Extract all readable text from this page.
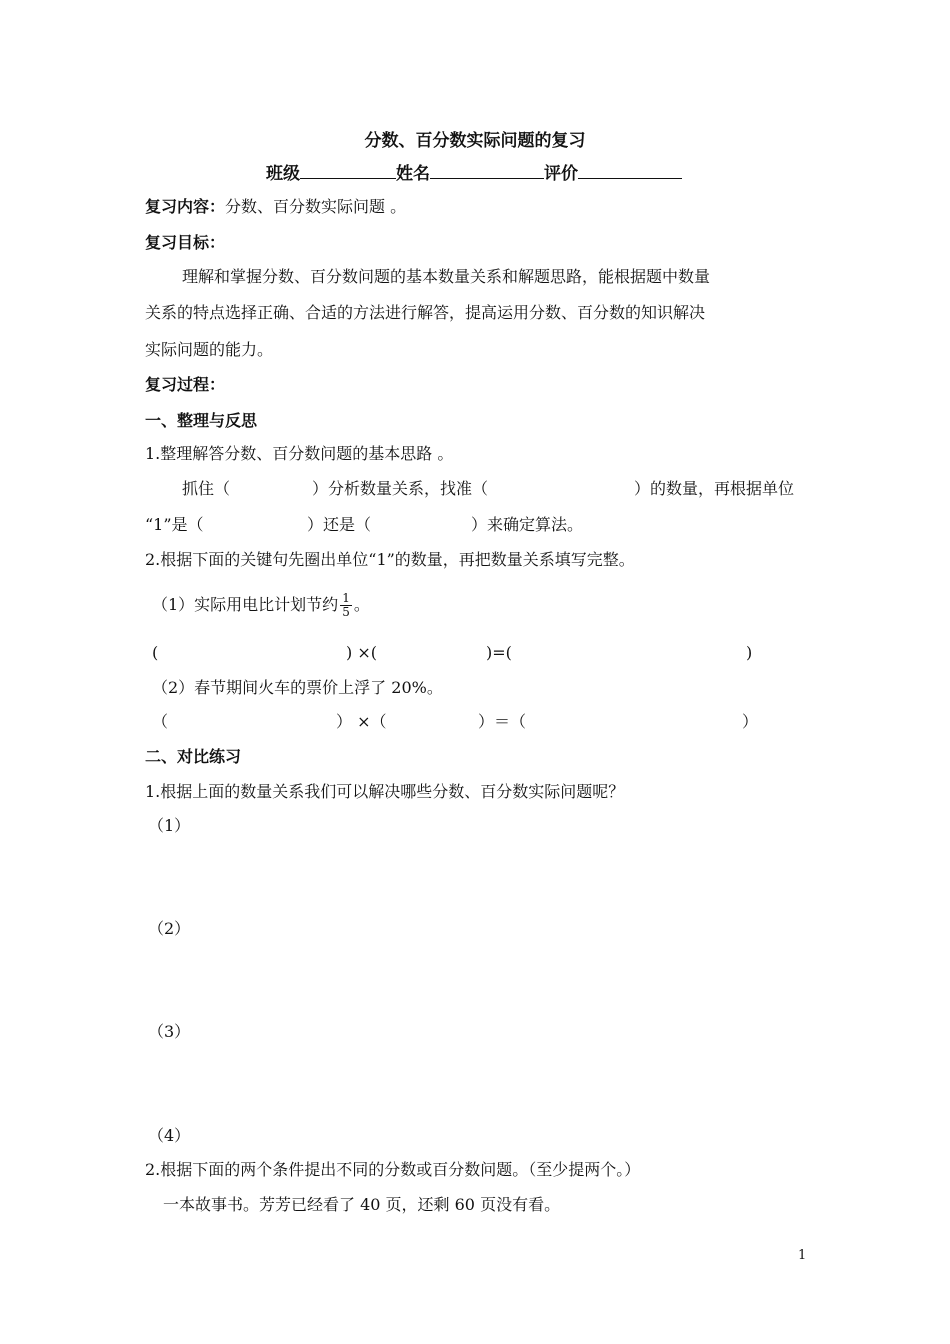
分数、百分数实际问题的复习
班级	姓名	评价
复习内容：分数、百分数实际问题 。
复习目标：
理解和掌握分数、百分数问题的基本数量关系和解题思路，能根据题中数量
关系的特点选择正确、合适的方法进行解答，提高运用分数、百分数的知识解决
实际问题的能力。
复习过程：
一、整理与反思
1.整理解答分数、百分数问题的基本思路 。
抓住（	）分析数量关系，找准（	）的数量，再根据单位
“1”是（	）还是（	）来确定算法。
2.根据下面的关键句先圈出单位“1”的数量，再把数量关系填写完整。
（1）实际用电比计划节约 $\frac{1}{5}$ 。
(	) ×(	)=(	)
（2）春节期间火车的票价上浮了 20%。
（	） ×（	）＝（	）
二、对比练习
1.根据上面的数量关系我们可以解决哪些分数、百分数实际问题呢？
（1）
（2）
（3）
（4）
2.根据下面的两个条件提出不同的分数或百分数问题。（至少提两个。）
一本故事书。芳芳已经看了 40 页，还剩 60 页没有看。
1
